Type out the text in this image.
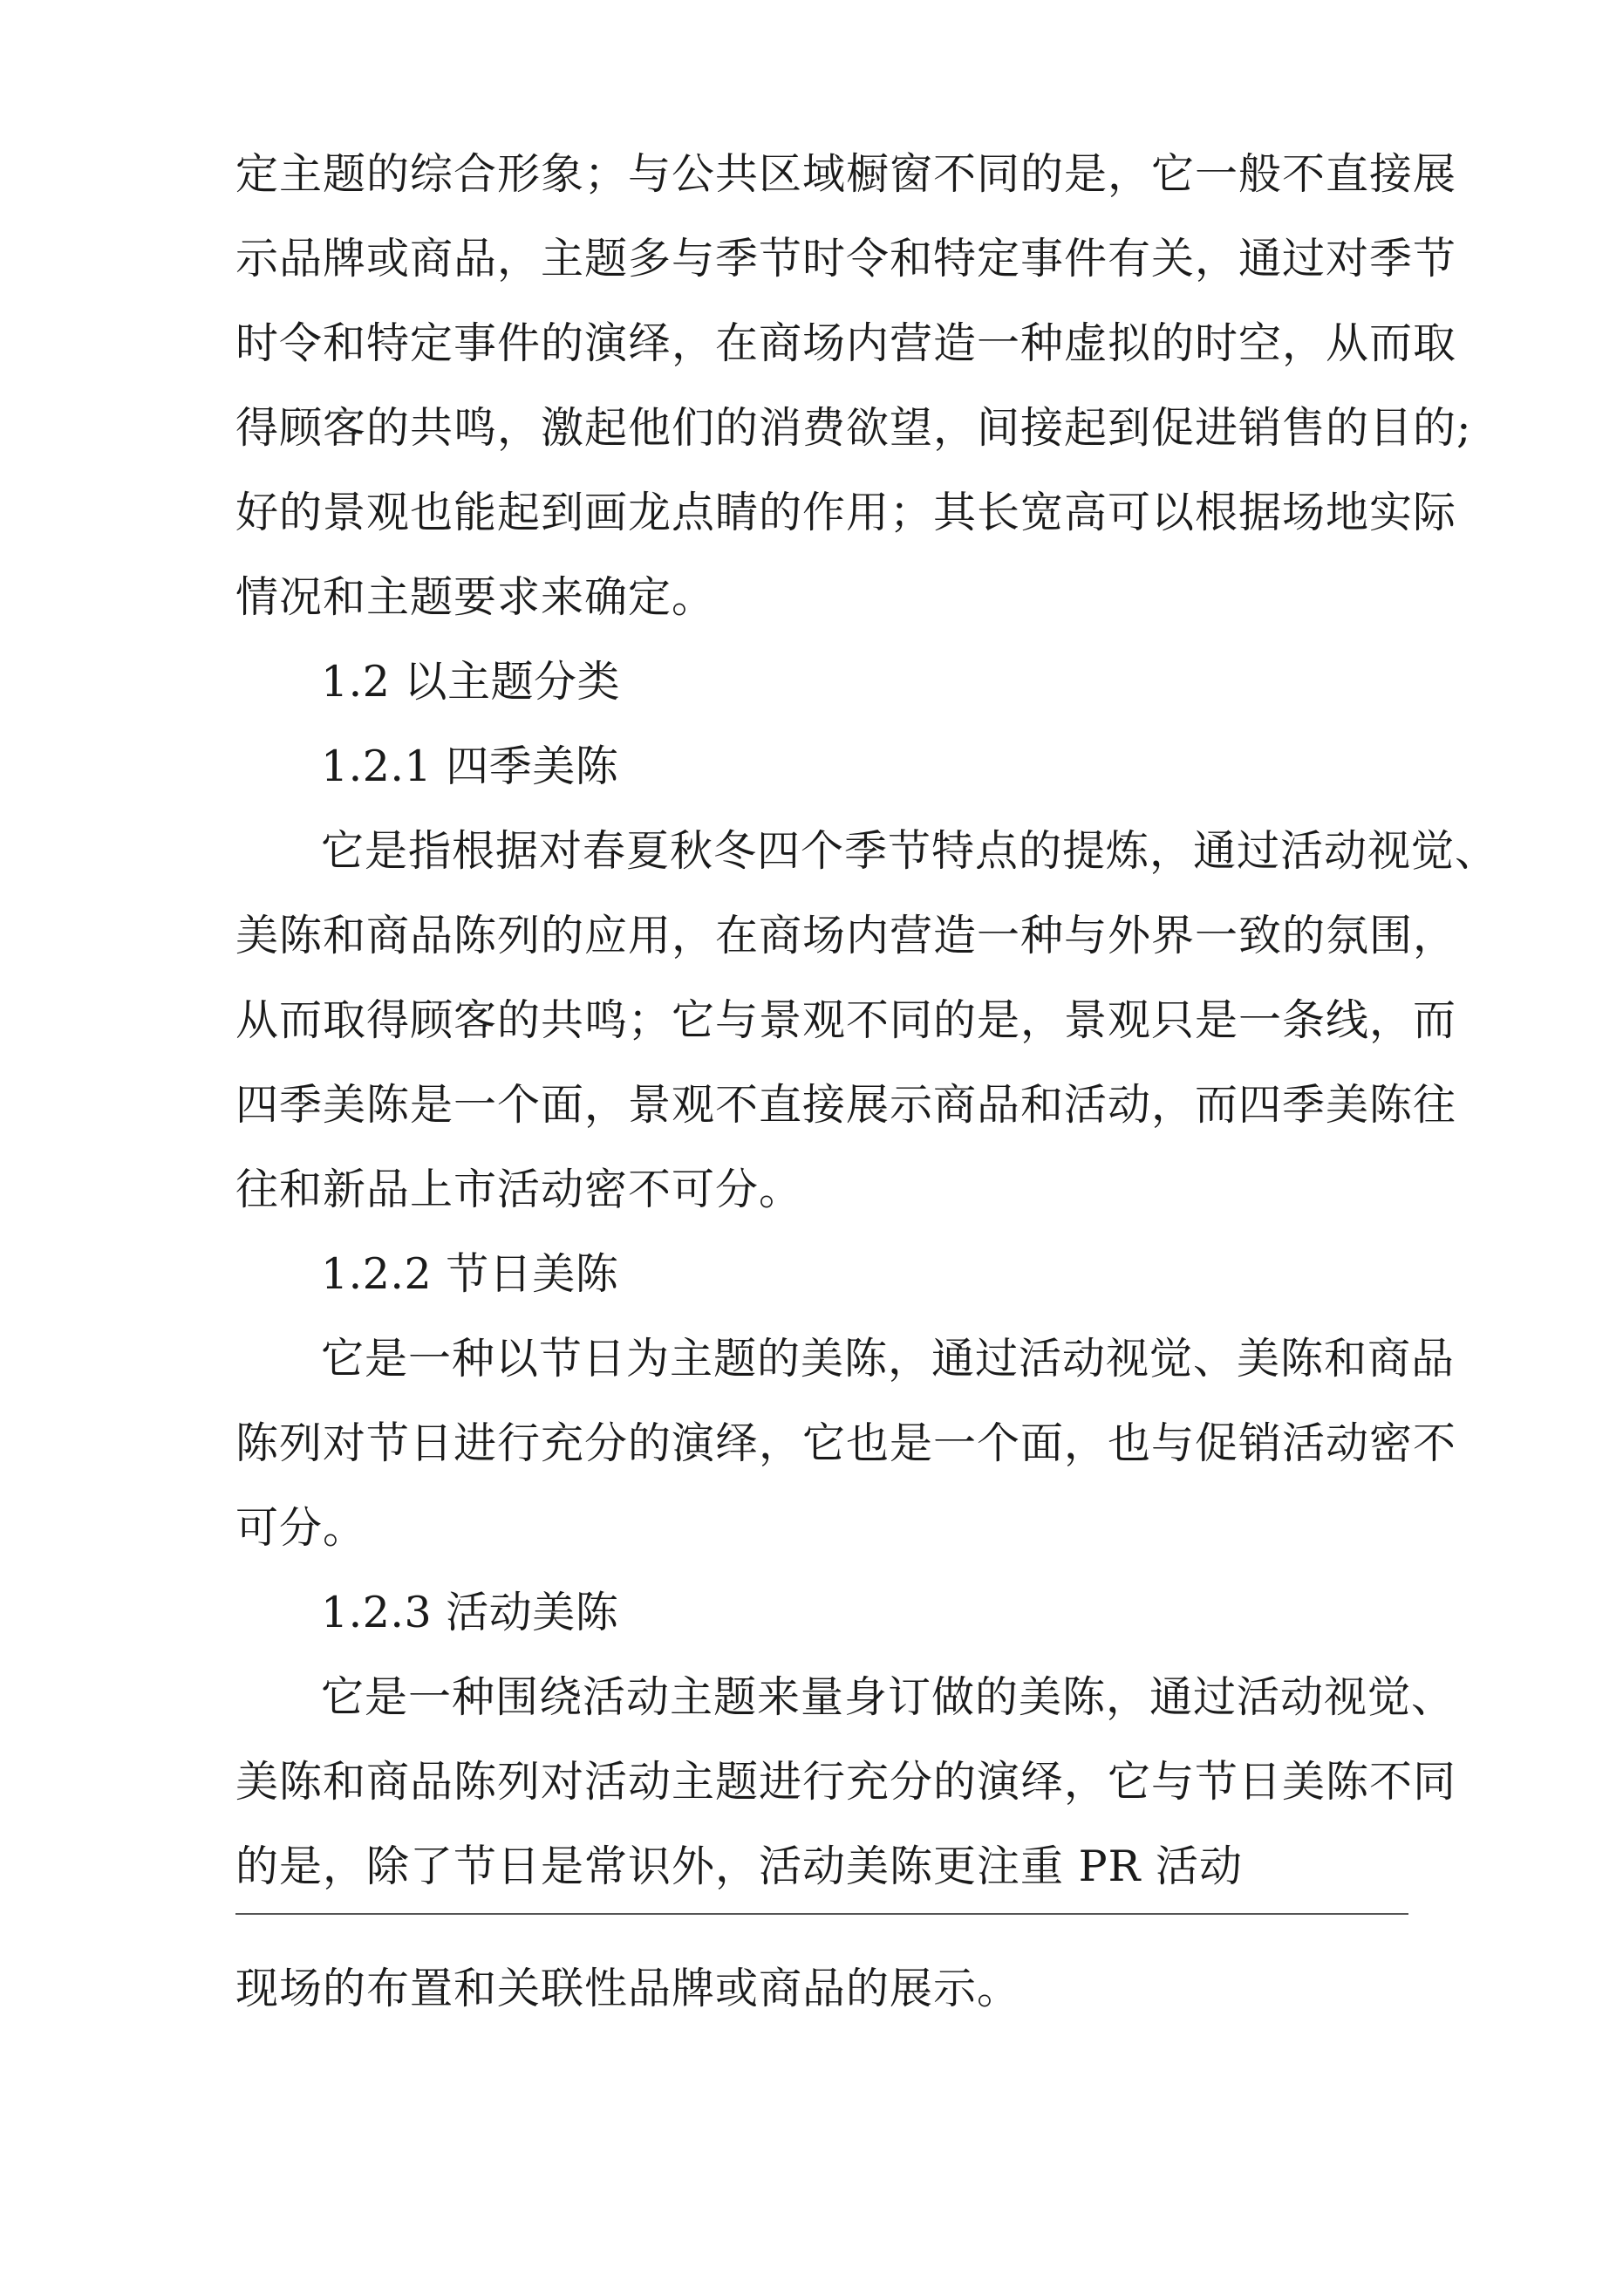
定主题的综合形象；与公共区域橱窗不同的是，它一般不直接展
示品牌或商品，主题多与季节时令和特定事件有关，通过对季节
时令和特定事件的演绎，在商场内营造一种虚拟的时空，从而取
得顾客的共鸣，激起他们的消费欲望，间接起到促进销售的目的;
好的景观也能起到画龙点睛的作用；其长宽高可以根据场地实际
情况和主题要求来确定。
1.2 以主题分类
1.2.1 四季美陈
它是指根据对春夏秋冬四个季节特点的提炼，通过活动视觉、
美陈和商品陈列的应用，在商场内营造一种与外界一致的氛围，
从而取得顾客的共鸣；它与景观不同的是，景观只是一条线，而
四季美陈是一个面，景观不直接展示商品和活动，而四季美陈往
往和新品上市活动密不可分。
1.2.2 节日美陈
它是一种以节日为主题的美陈，通过活动视觉、美陈和商品
陈列对节日进行充分的演绎，它也是一个面，也与促销活动密不
可分。
1.2.3 活动美陈
它是一种围绕活动主题来量身订做的美陈，通过活动视觉、
美陈和商品陈列对活动主题进行充分的演绎，它与节日美陈不同
的是，除了节日是常识外，活动美陈更注重 PR 活动
现场的布置和关联性品牌或商品的展示。
